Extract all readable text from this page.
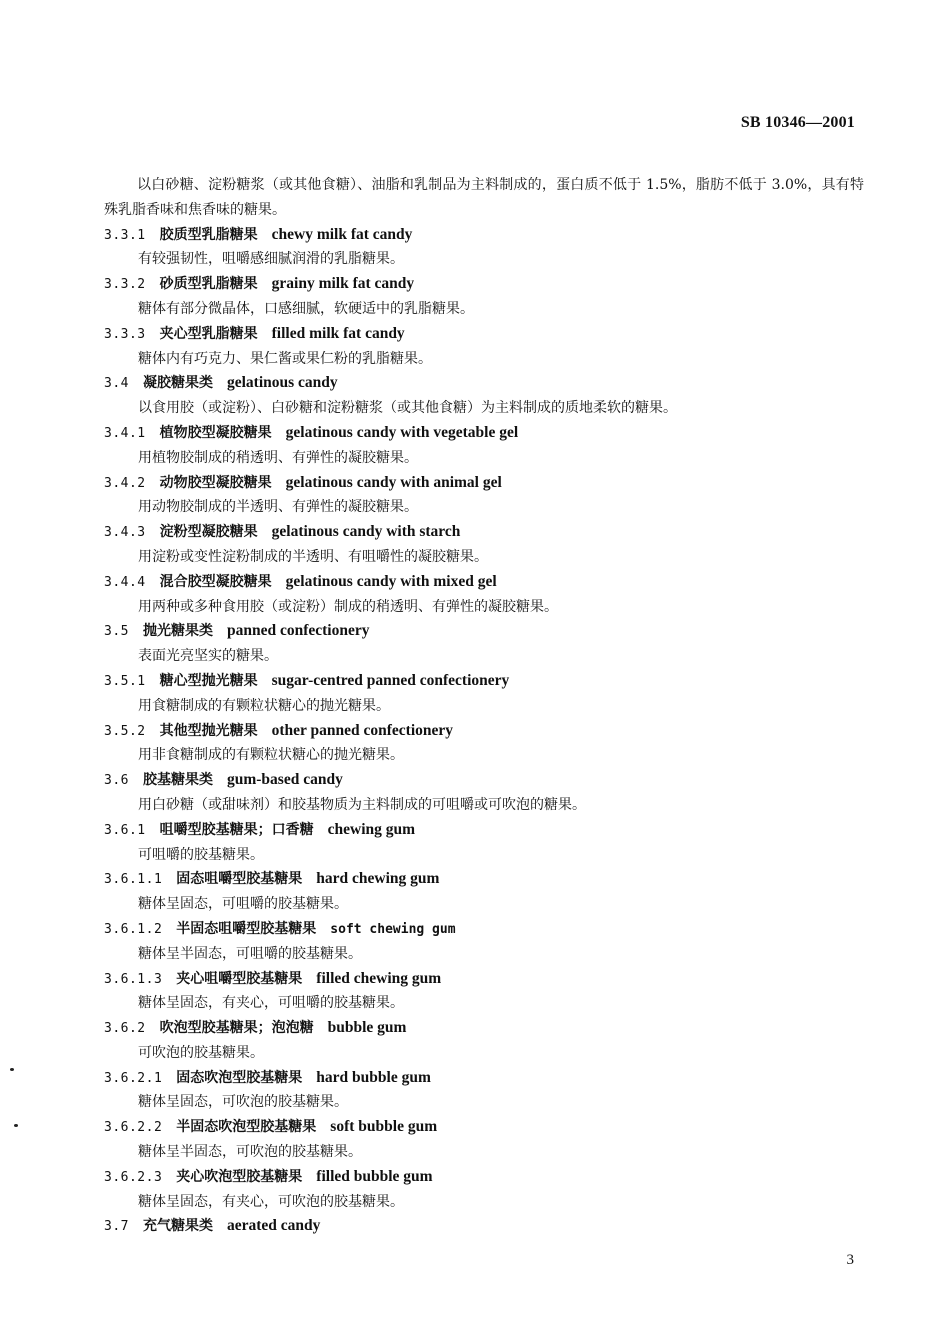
SB 10346—2001

以白砂糖、淀粉糖浆（或其他食糖）、油脂和乳制品为主料制成的，蛋白质不低于 1.5%，脂肪不低于 3.0%，具有特殊乳脂香味和焦香味的糖果。

3.3.1 胶质型乳脂糖果 chewy milk fat candy
有较强韧性，咀嚼感细腻润滑的乳脂糖果。
3.3.2 砂质型乳脂糖果 grainy milk fat candy
糖体有部分微晶体，口感细腻，软硬适中的乳脂糖果。
3.3.3 夹心型乳脂糖果 filled milk fat candy
糖体内有巧克力、果仁酱或果仁粉的乳脂糖果。
3.4 凝胶糖果类 gelatinous candy
以食用胶（或淀粉）、白砂糖和淀粉糖浆（或其他食糖）为主料制成的质地柔软的糖果。
3.4.1 植物胶型凝胶糖果 gelatinous candy with vegetable gel
用植物胶制成的稍透明、有弹性的凝胶糖果。
3.4.2 动物胶型凝胶糖果 gelatinous candy with animal gel
用动物胶制成的半透明、有弹性的凝胶糖果。
3.4.3 淀粉型凝胶糖果 gelatinous candy with starch
用淀粉或变性淀粉制成的半透明、有咀嚼性的凝胶糖果。
3.4.4 混合胶型凝胶糖果 gelatinous candy with mixed gel
用两种或多种食用胶（或淀粉）制成的稍透明、有弹性的凝胶糖果。
3.5 抛光糖果类 panned confectionery
表面光亮坚实的糖果。
3.5.1 糖心型抛光糖果 sugar-centred panned confectionery
用食糖制成的有颗粒状糖心的抛光糖果。
3.5.2 其他型抛光糖果 other panned confectionery
用非食糖制成的有颗粒状糖心的抛光糖果。
3.6 胶基糖果类 gum-based candy
用白砂糖（或甜味剂）和胶基物质为主料制成的可咀嚼或可吹泡的糖果。
3.6.1 咀嚼型胶基糖果；口香糖 chewing gum
可咀嚼的胶基糖果。
3.6.1.1 固态咀嚼型胶基糖果 hard chewing gum
糖体呈固态，可咀嚼的胶基糖果。
3.6.1.2 半固态咀嚼型胶基糖果 soft chewing gum
糖体呈半固态，可咀嚼的胶基糖果。
3.6.1.3 夹心咀嚼型胶基糖果 filled chewing gum
糖体呈固态，有夹心，可咀嚼的胶基糖果。
3.6.2 吹泡型胶基糖果；泡泡糖 bubble gum
可吹泡的胶基糖果。
3.6.2.1 固态吹泡型胶基糖果 hard bubble gum
糖体呈固态，可吹泡的胶基糖果。
3.6.2.2 半固态吹泡型胶基糖果 soft bubble gum
糖体呈半固态，可吹泡的胶基糖果。
3.6.2.3 夹心吹泡型胶基糖果 filled bubble gum
糖体呈固态，有夹心，可吹泡的胶基糖果。
3.7 充气糖果类 aerated candy
3
